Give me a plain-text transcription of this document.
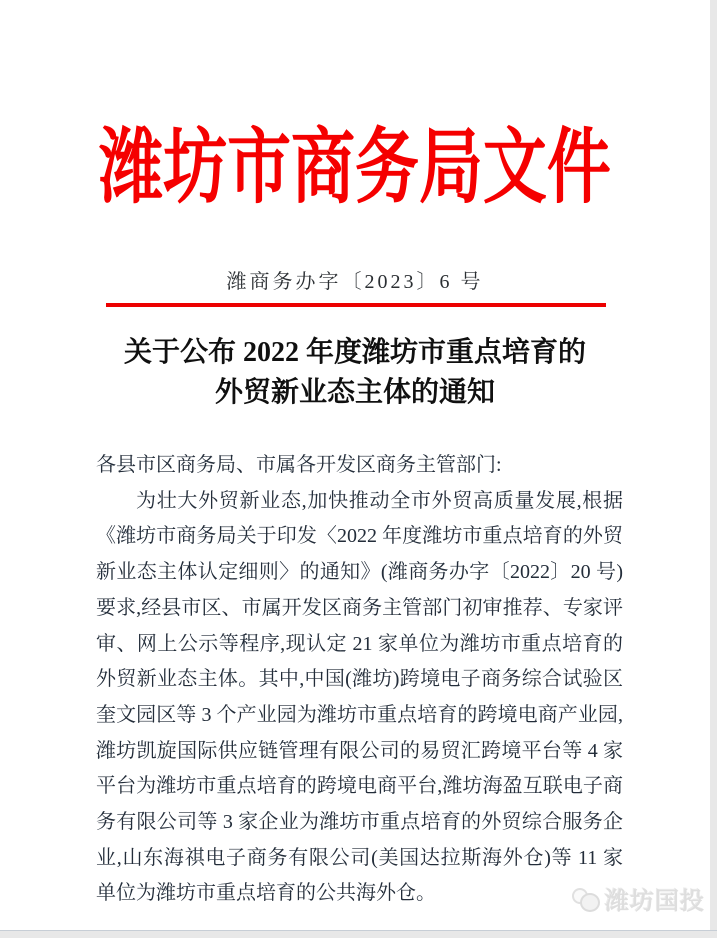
潍坊市商务局文件
潍商务办字〔2023〕6 号
关于公布 2022 年度潍坊市重点培育的
外贸新业态主体的通知

各县市区商务局、市属各开发区商务主管部门:

为壮大外贸新业态,加快推动全市外贸高质量发展,根据《潍坊市商务局关于印发〈2022 年度潍坊市重点培育的外贸新业态主体认定细则〉的通知》(潍商务办字〔2022〕20 号)要求,经县市区、市属开发区商务主管部门初审推荐、专家评审、网上公示等程序,现认定 21 家单位为潍坊市重点培育的外贸新业态主体。其中,中国(潍坊)跨境电子商务综合试验区奎文园区等 3 个产业园为潍坊市重点培育的跨境电商产业园,潍坊凯旋国际供应链管理有限公司的易贸汇跨境平台等 4 家平台为潍坊市重点培育的跨境电商平台,潍坊海盈互联电子商务有限公司等 3 家企业为潍坊市重点培育的外贸综合服务企业,山东海祺电子商务有限公司(美国达拉斯海外仓)等 11 家单位为潍坊市重点培育的公共海外仓。	潍坊国投
